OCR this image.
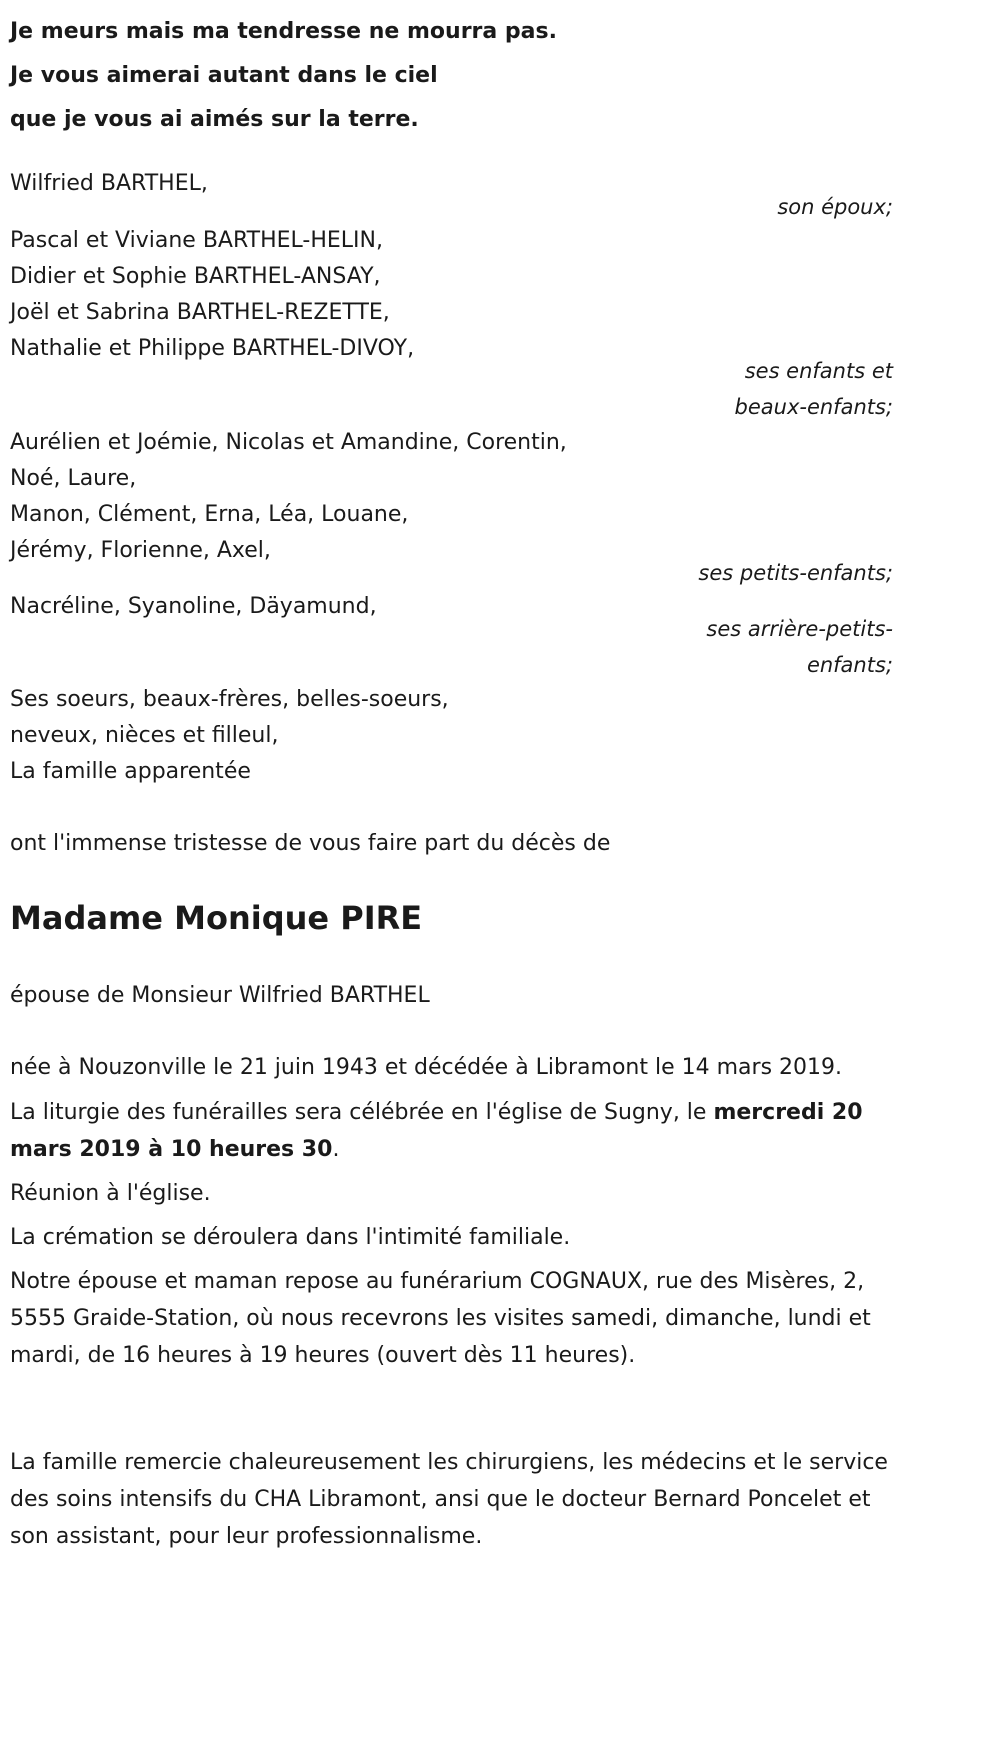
Je meurs mais ma tendresse ne mourra pas.

Je vous aimerai autant dans le ciel

que je vous ai aimés sur la terre.

Wilfried BARTHEL,
son époux;
Pascal et Viviane BARTHEL-HELIN,
Didier et Sophie BARTHEL-ANSAY,
Joël et Sabrina BARTHEL-REZETTE,
Nathalie et Philippe BARTHEL-DIVOY,
ses enfants et
beaux-enfants;
Aurélien et Joémie, Nicolas et Amandine, Corentin,
Noé, Laure,
Manon, Clément, Erna, Léa, Louane,
Jérémy, Florienne, Axel,
ses petits-enfants;
Nacréline, Syanoline, Däyamund,
ses arrière-petits-
enfants;
Ses soeurs, beaux-frères, belles-soeurs,
neveux, nièces et filleul,
La famille apparentée
ont l'immense tristesse de vous faire part du décès de
Madame Monique PIRE
épouse de Monsieur Wilfried BARTHEL
née à Nouzonville le 21 juin 1943 et décédée à Libramont le 14 mars 2019.
La liturgie des funérailles sera célébrée en l'église de Sugny, le mercredi 20 mars 2019 à 10 heures 30.
Réunion à l'église.
La crémation se déroulera dans l'intimité familiale.
Notre épouse et maman repose au funérarium COGNAUX, rue des Misères, 2, 5555 Graide-Station, où nous recevrons les visites samedi, dimanche, lundi et mardi, de 16 heures à 19 heures (ouvert dès 11 heures).
La famille remercie chaleureusement les chirurgiens, les médecins et le service des soins intensifs du CHA Libramont, ansi que le docteur Bernard Poncelet et son assistant, pour leur professionnalisme.
